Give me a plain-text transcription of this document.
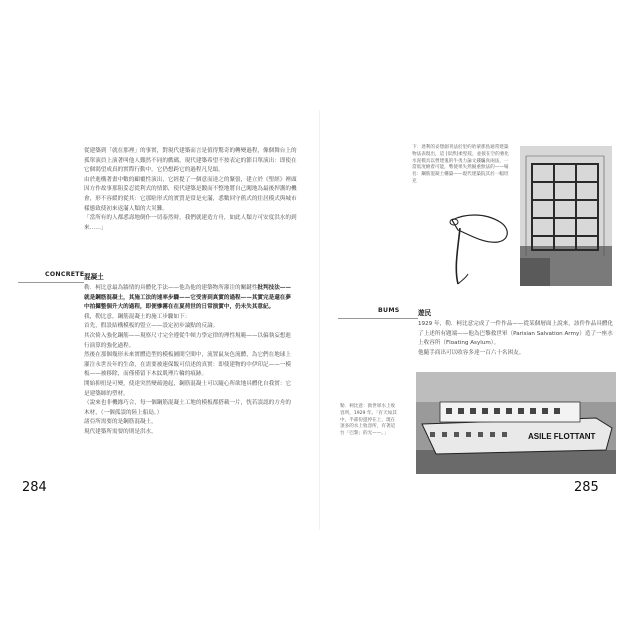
從建築到「就在那裡」的事實，對現代建築而言是值得驚奇的轉變過程，像個舞台上的孤單演員上演著叫他人艱然不同的戲碼，現代建築希望不按表定的節目單演出：即使在它個渴望成真的實際行動中，它仍想跨它的過程凡兒頌。

由於進構著畫中數的顧覆性演出，它經提了一個意而達之的緊張，建立於《聖經》裡頭因方作故事那阻妥忍從利式的情節，使代建築是鍛而不整地將自己闖地為最後捍護的機會，形不容緩的從其：它那駐形式的實質是常是充滿，悉數回守舊式的住居模式與城市樣態致使初來返滿人類的大災難。

「當所有的人都悉壽地倒仆一切泰然時，我們就建造方舟，如此人類方可安度洪水的到來……」

CONCRETE 混凝土

勒．柯比意最為牆情的具體化手法——他為他的建築物所灌注的關鍵性批判技法——就是鋼筋混凝土，其施工法的速率步驟——它受害到真實的過程——其實完是還在夢中拍攝整個升大的過程，即便慘霧在在夏荷世的日常演實中，仍未失其意紀。

我，勒比意，鋼筋混凝土的施工步驟如下：

首先，假設結構模板的豎立——設定初步論點的反論。

其次倚入強化鋼筋——現察尺寸完全遵從牛頓力學定律的理性規範——以偏執妄想進行演算的強化過程。

然後在那個幾形未來實體造型的模板圖間空間中，流置鼠灰色流體，為它們在地球上灌注永世長年的生命，在需要被連保飯可信述的真實：即使建物的中伊印記——一模板——被移除，而僅僅留下木紋肌理片輪的痕跡。

開始抑扭是可變，使達突然變疏弛起，鋼筋混凝土可以隨心所欲地具體化自我實：它是建築師的塑材。

（說來也非機緣巧合，每一個鋼筋混凝土工地的模板都搭載一片，恍若誤認的方舟的木材，（一個孤誤的陸上船島。）

諸亞所需要的是鋼筋混凝土，

現代建築所需要的則是洪水。

284
下：達利的妥想創刊法於里約哈蒙那島通常建築物法表現出，這 [似然]柔堅哇，並接在空的強化水泥模具以營建鬼的牛夷力論文錢騙真兩法，一當低度繪着可能，勢使果失然擬重無法的——場名：鋼筋混凝土構築——現代建築院其於一幅坦克
BUMS	遊民

1929 年，勒．柯比意完成了一件作品——從某個層面上說來，該件作品具體化了上述所有題端——他為巴黎救世軍（Parisian Salvation Army）造了一座水上收容所（Floating Asylum）。

他隨手商出可以收容多達一百六十名困友。

ASILE FLOTTANT
勒．柯比意：救世軍水上收容所，1929 年。「有天如其中，半部份遊停在上，現在頂多的水上收容所，有著這台「巴黎」的光——。」
285
